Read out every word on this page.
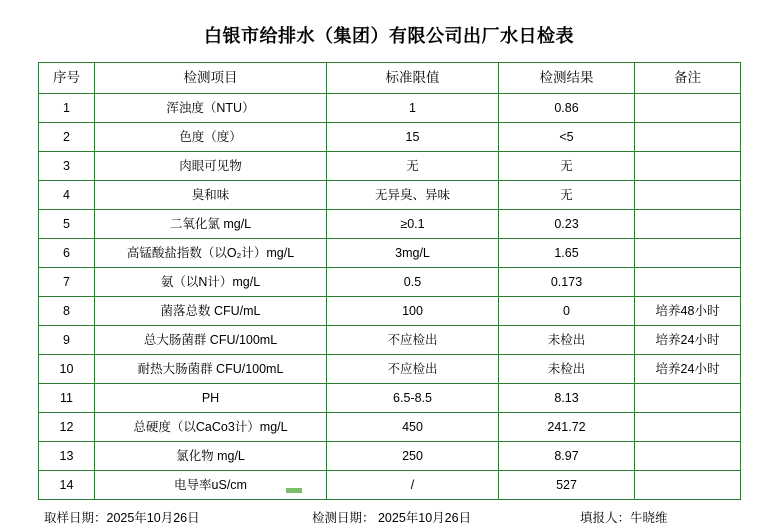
白银市给排水（集团）有限公司出厂水日检表
序号	检测项目	标准限值	检测结果	备注
1	浑浊度（NTU）	1	0.86	
2	色度（度）	15	<5	
3	肉眼可见物	无	无	
4	臭和味	无异臭、异味	无	
5	二氧化氯 mg/L	≥0.1	0.23	
6	高锰酸盐指数（以O₂计）mg/L	3mg/L	1.65	
7	氨（以N计）mg/L	0.5	0.173	
8	菌落总数 CFU/mL	100	0	培养48小时
9	总大肠菌群 CFU/100mL	不应检出	未检出	培养24小时
10	耐热大肠菌群 CFU/100mL	不应检出	未检出	培养24小时
11	PH	6.5-8.5	8.13	
12	总硬度（以CaCo3计）mg/L	450	241.72	
13	氯化物 mg/L	250	8.97	
14	电导率uS/cm	/	527	
取样日期：2025年10月26日	检测日期： 2025年10月26日	填报人：牛晓维
